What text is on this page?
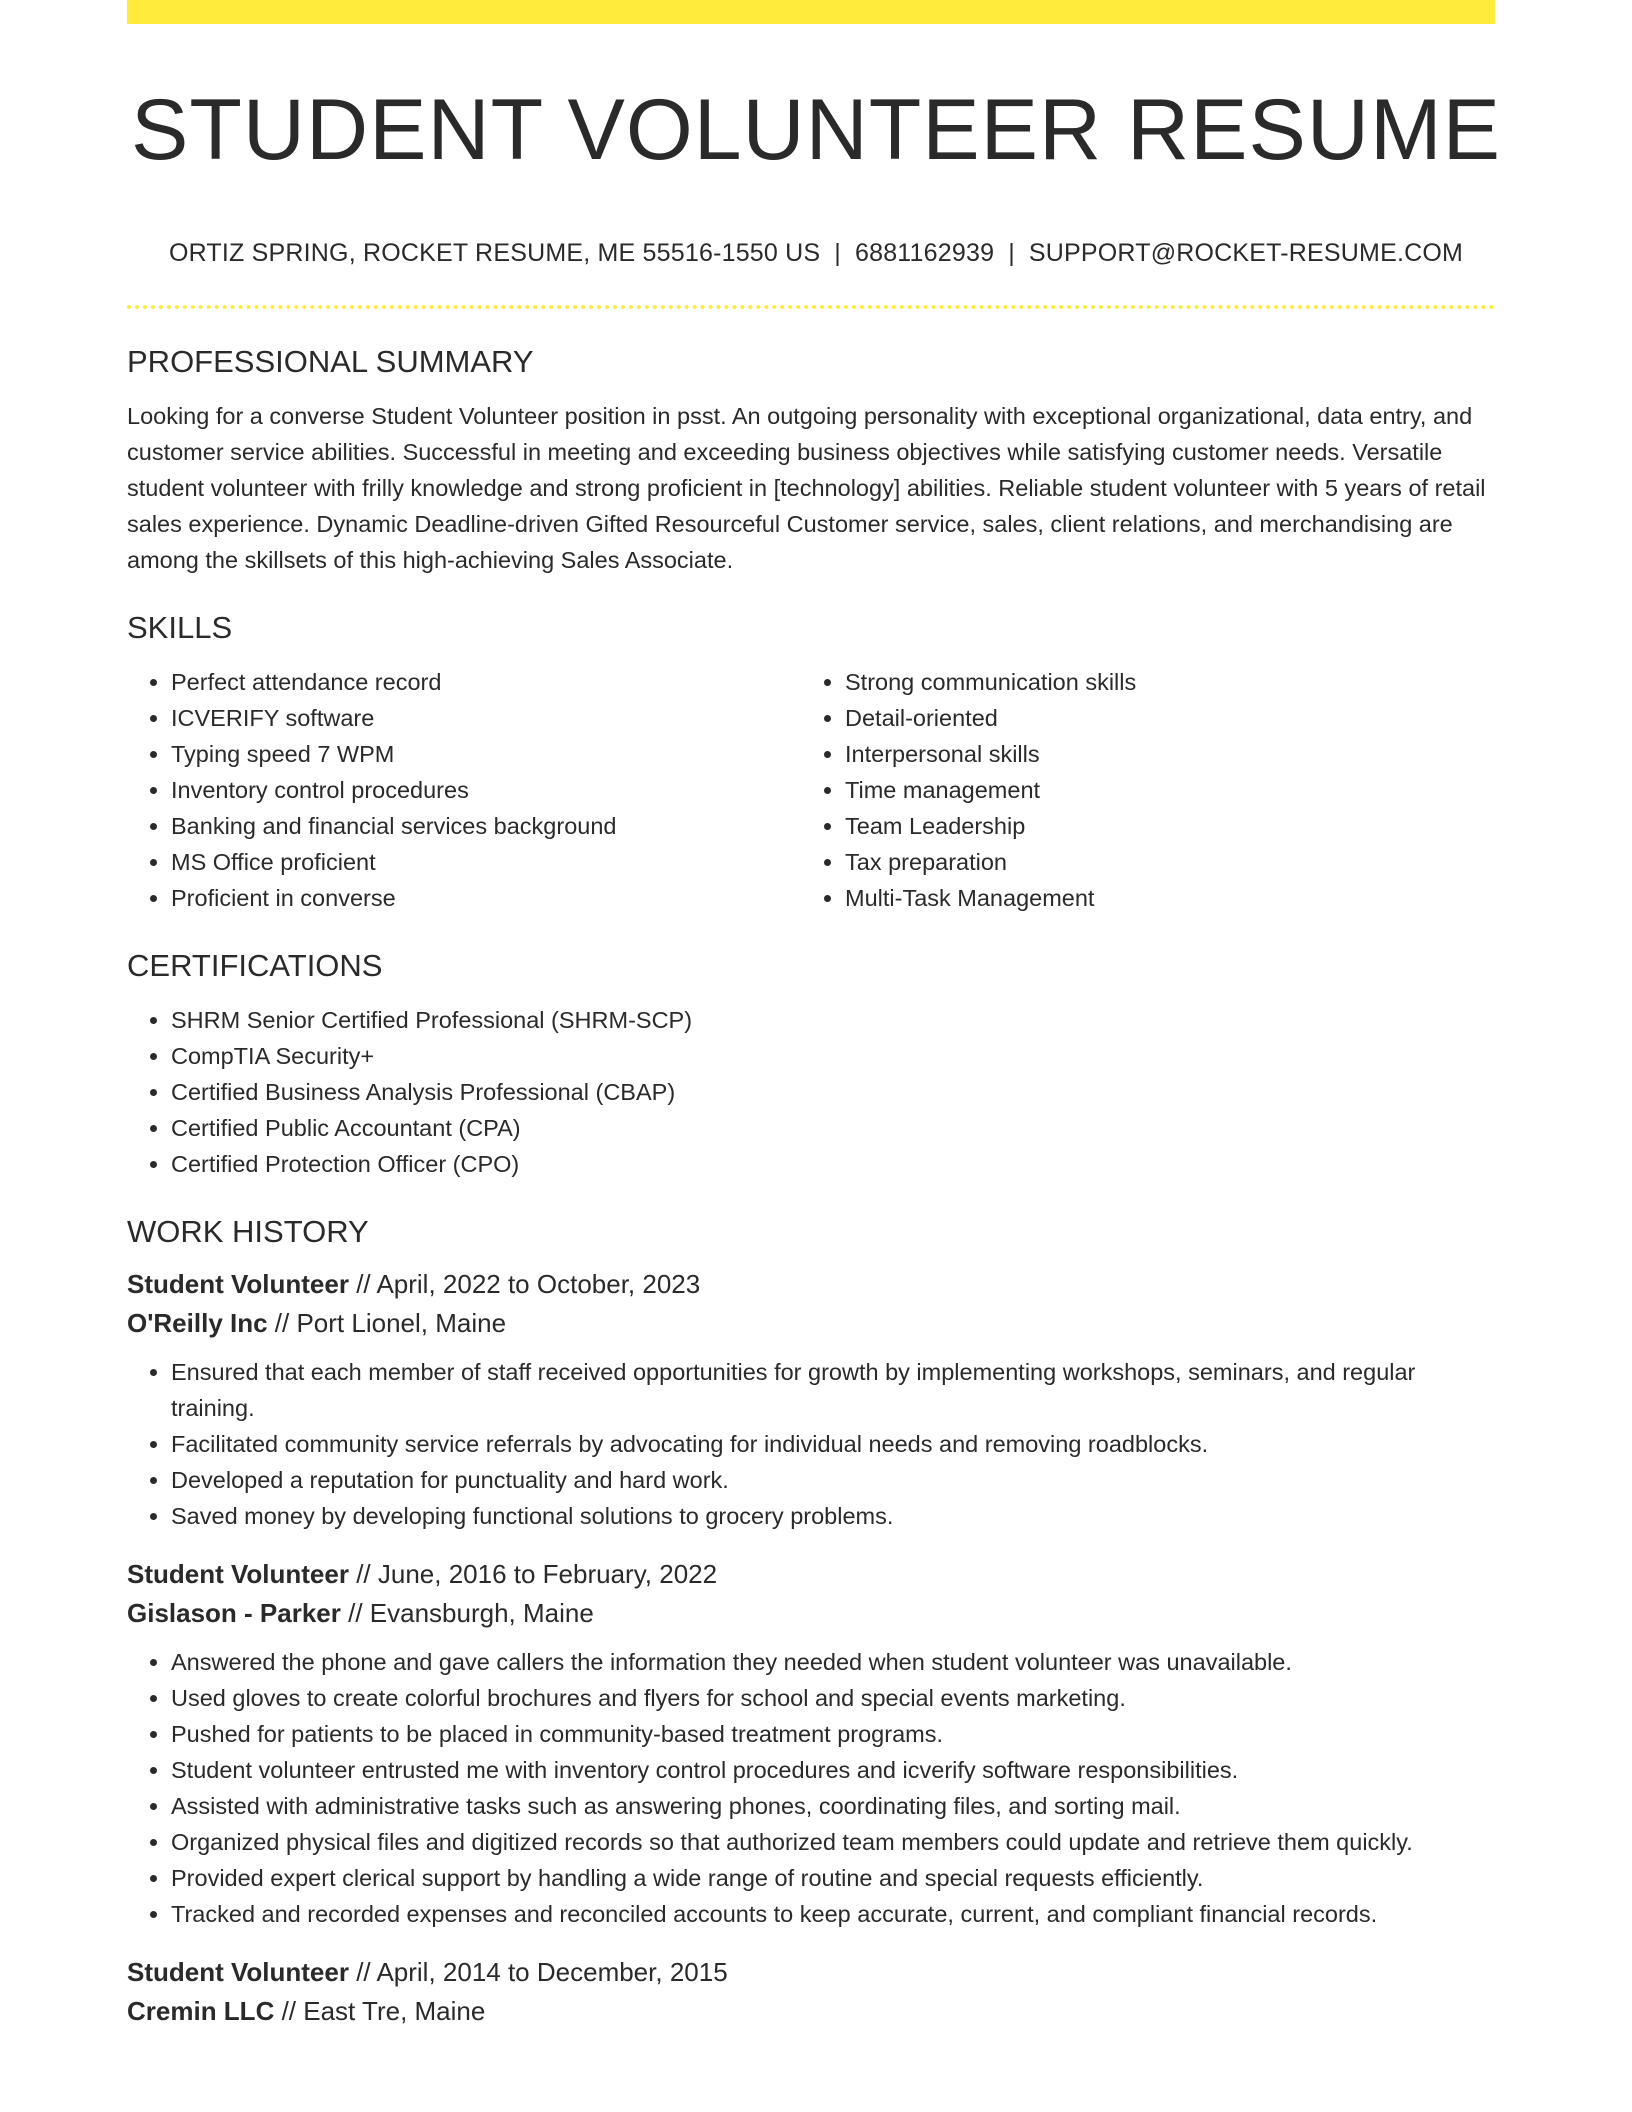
STUDENT VOLUNTEER RESUME
ORTIZ SPRING, ROCKET RESUME, ME 55516-1550 US | 6881162939 | SUPPORT@ROCKET-RESUME.COM
PROFESSIONAL SUMMARY

Looking for a converse Student Volunteer position in psst. An outgoing personality with exceptional organizational, data entry, and customer service abilities. Successful in meeting and exceeding business objectives while satisfying customer needs. Versatile student volunteer with frilly knowledge and strong proficient in [technology] abilities. Reliable student volunteer with 5 years of retail sales experience. Dynamic Deadline-driven Gifted Resourceful Customer service, sales, client relations, and merchandising are among the skillsets of this high-achieving Sales Associate.

SKILLS
• Perfect attendance record
• ICVERIFY software
• Typing speed 7 WPM
• Inventory control procedures
• Banking and financial services background
• MS Office proficient
• Proficient in converse
• Strong communication skills
• Detail-oriented
• Interpersonal skills
• Time management
• Team Leadership
• Tax preparation
• Multi-Task Management
CERTIFICATIONS
• SHRM Senior Certified Professional (SHRM-SCP)
• CompTIA Security+
• Certified Business Analysis Professional (CBAP)
• Certified Public Accountant (CPA)
• Certified Protection Officer (CPO)
WORK HISTORY
Student Volunteer // April, 2022 to October, 2023
O'Reilly Inc // Port Lionel, Maine
• Ensured that each member of staff received opportunities for growth by implementing workshops, seminars, and regular training.
• Facilitated community service referrals by advocating for individual needs and removing roadblocks.
• Developed a reputation for punctuality and hard work.
• Saved money by developing functional solutions to grocery problems.
Student Volunteer // June, 2016 to February, 2022
Gislason - Parker // Evansburgh, Maine
• Answered the phone and gave callers the information they needed when student volunteer was unavailable.
• Used gloves to create colorful brochures and flyers for school and special events marketing.
• Pushed for patients to be placed in community-based treatment programs.
• Student volunteer entrusted me with inventory control procedures and icverify software responsibilities.
• Assisted with administrative tasks such as answering phones, coordinating files, and sorting mail.
• Organized physical files and digitized records so that authorized team members could update and retrieve them quickly.
• Provided expert clerical support by handling a wide range of routine and special requests efficiently.
• Tracked and recorded expenses and reconciled accounts to keep accurate, current, and compliant financial records.
Student Volunteer // April, 2014 to December, 2015
Cremin LLC // East Tre, Maine
